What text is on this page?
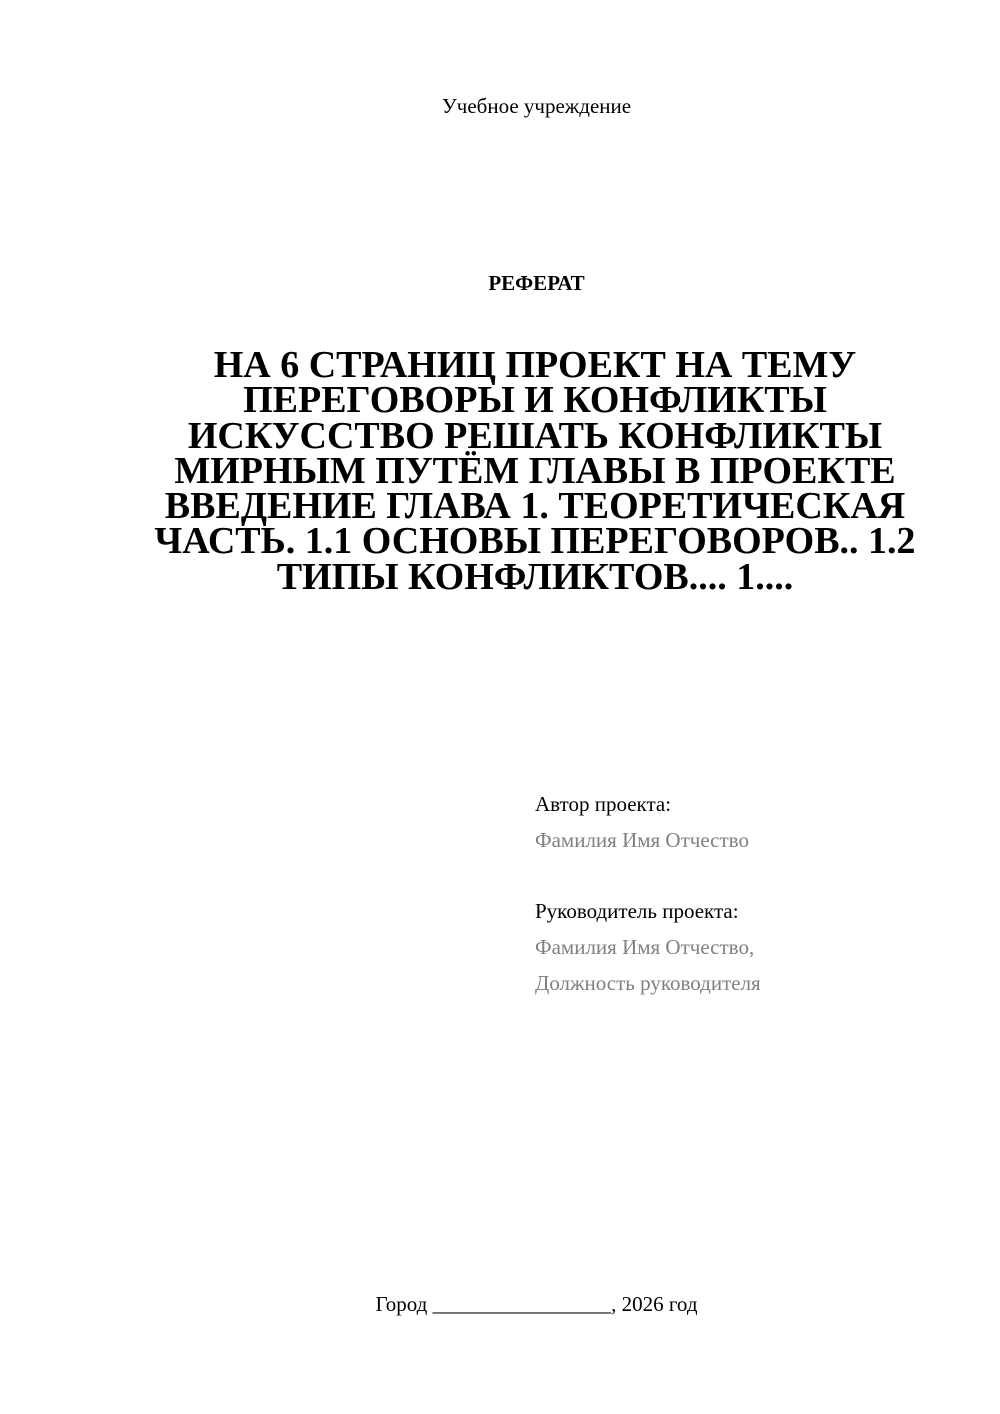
Учебное учреждение
РЕФЕРАТ
НА 6 СТРАНИЦ ПРОЕКТ НА ТЕМУ ПЕРЕГОВОРЫ И КОНФЛИКТЫ ИСКУССТВО РЕШАТЬ КОНФЛИКТЫ МИРНЫМ ПУТЁМ ГЛАВЫ В ПРОЕКТЕ ВВЕДЕНИЕ ГЛАВА 1. ТЕОРЕТИЧЕСКАЯ ЧАСТЬ. 1.1 ОСНОВЫ ПЕРЕГОВОРОВ.. 1.2 ТИПЫ КОНФЛИКТОВ.... 1....
Автор проекта:
Фамилия Имя Отчество
Руководитель проекта:
Фамилия Имя Отчество,
Должность руководителя
Город _________________, 2026 год
